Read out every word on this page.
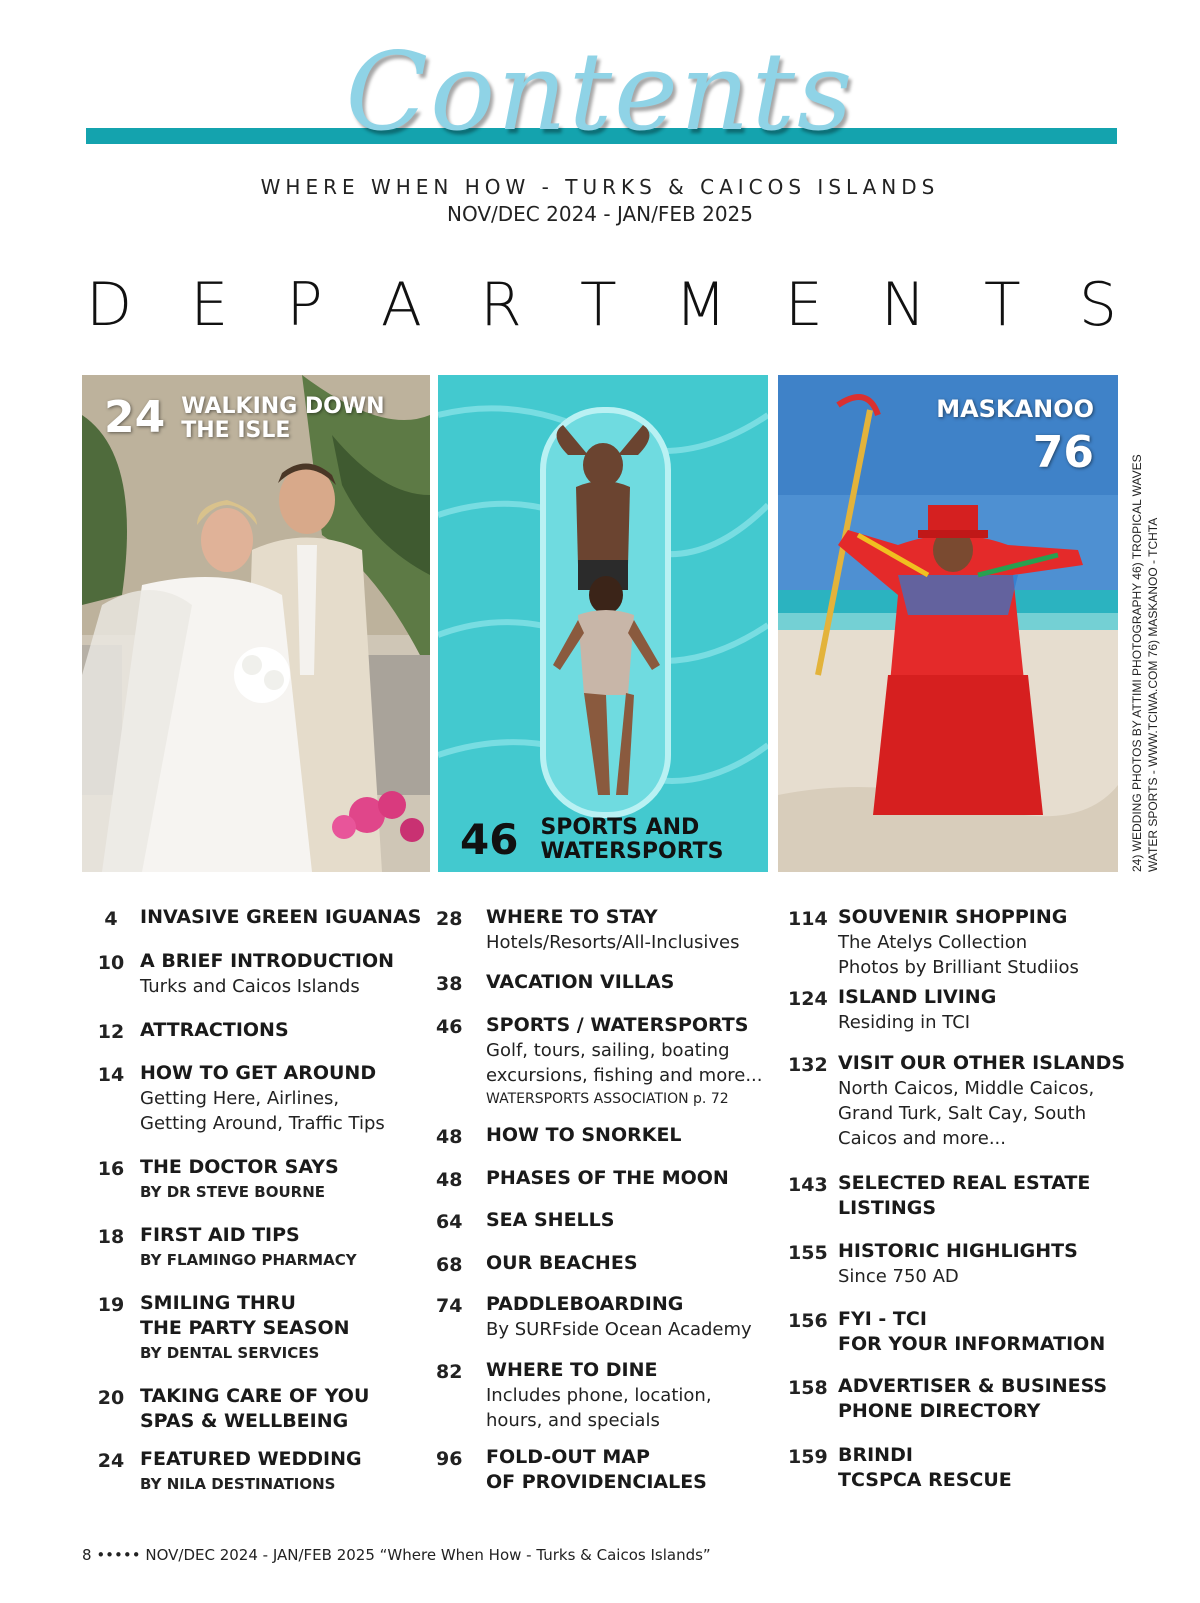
Contents
WHERE WHEN HOW - TURKS & CAICOS ISLANDS
NOV/DEC 2024 - JAN/FEB 2025
D E P A R T M E N T S
24 WALKING DOWN
THE ISLE
46 SPORTS AND
WATERSPORTS
MASKANOO
76
24) WEDDING PHOTOS BY ATTIMI PHOTOGRAPHY 46) TROPICAL WAVES WATER SPORTS - WWW.TCIWA.COM 76) MASKANOO - TCHTA
4	INVASIVE GREEN IGUANAS
10 A BRIEF INTRODUCTION
Turks and Caicos Islands
12 ATTRACTIONS
14 HOW TO GET AROUND
Getting Here, Airlines,
Getting Around, Traffic Tips
16 THE DOCTOR SAYS
BY DR STEVE BOURNE
18 FIRST AID TIPS
BY FLAMINGO PHARMACY
19 SMILING THRU
THE PARTY SEASON
BY DENTAL SERVICES
20 TAKING CARE OF YOU
SPAS & WELLBEING
24 FEATURED WEDDING
BY NILA DESTINATIONS
28	WHERE TO STAY
Hotels/Resorts/All-Inclusives
38	VACATION VILLAS
46	SPORTS / WATERSPORTS
Golf, tours, sailing, boating
excursions, fishing and more...
WATERSPORTS ASSOCIATION p. 72
48	HOW TO SNORKEL
48	PHASES OF THE MOON
64	SEA SHELLS
68	OUR BEACHES
74	PADDLEBOARDING
By SURFside Ocean Academy
82	WHERE TO DINE
Includes phone, location,
hours, and specials
96	FOLD-OUT MAP
OF PROVIDENCIALES
114 SOUVENIR SHOPPING
The Atelys Collection
Photos by Brilliant Studiios
124 ISLAND LIVING
Residing in TCI
132 VISIT OUR OTHER ISLANDS
North Caicos, Middle Caicos,
Grand Turk, Salt Cay, South
Caicos and more...
143 SELECTED REAL ESTATE
LISTINGS
155 HISTORIC HIGHLIGHTS
Since 750 AD
156 FYI - TCI
FOR YOUR INFORMATION
158 ADVERTISER & BUSINESS
PHONE DIRECTORY
159 BRINDI
TCSPCA RESCUE
8 ••••• NOV/DEC 2024 - JAN/FEB 2025 “Where When How - Turks & Caicos Islands”
